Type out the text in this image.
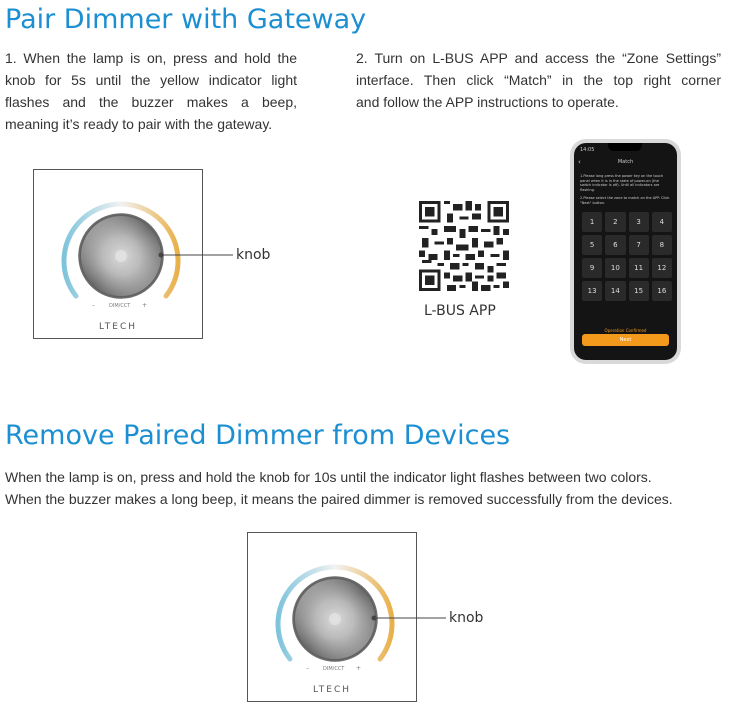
Pair Dimmer with Gateway
1. When the lamp is on, press and hold the
knob for 5s until the yellow indicator light
flashes and the buzzer makes a beep,
meaning it’s ready to pair with the gateway.
2. Turn on L-BUS APP and access the “Zone Settings”
interface. Then click “Match” in the top right corner
and follow the APP instructions to operate.
–	DIM/CCT +
LTECH
knob
L-BUS APP
14:05
‹	Match
1.Please long press the power key on the touch panel when it is in the state of power-on (the switch indicator is off). Until all indicators are flashing.
2.Please select the zone to match on the APP. Click "Next" button.
1	2	3	4
5	6	7	8
9	10	11	12
13	14	15	16
Operation Confirmed
Next
Remove Paired Dimmer from Devices
When the lamp is on, press and hold the knob for 10s until the indicator light flashes between two colors.
When the buzzer makes a long beep, it means the paired dimmer is removed successfully from the devices.
–	DIM/CCT +
LTECH
knob
